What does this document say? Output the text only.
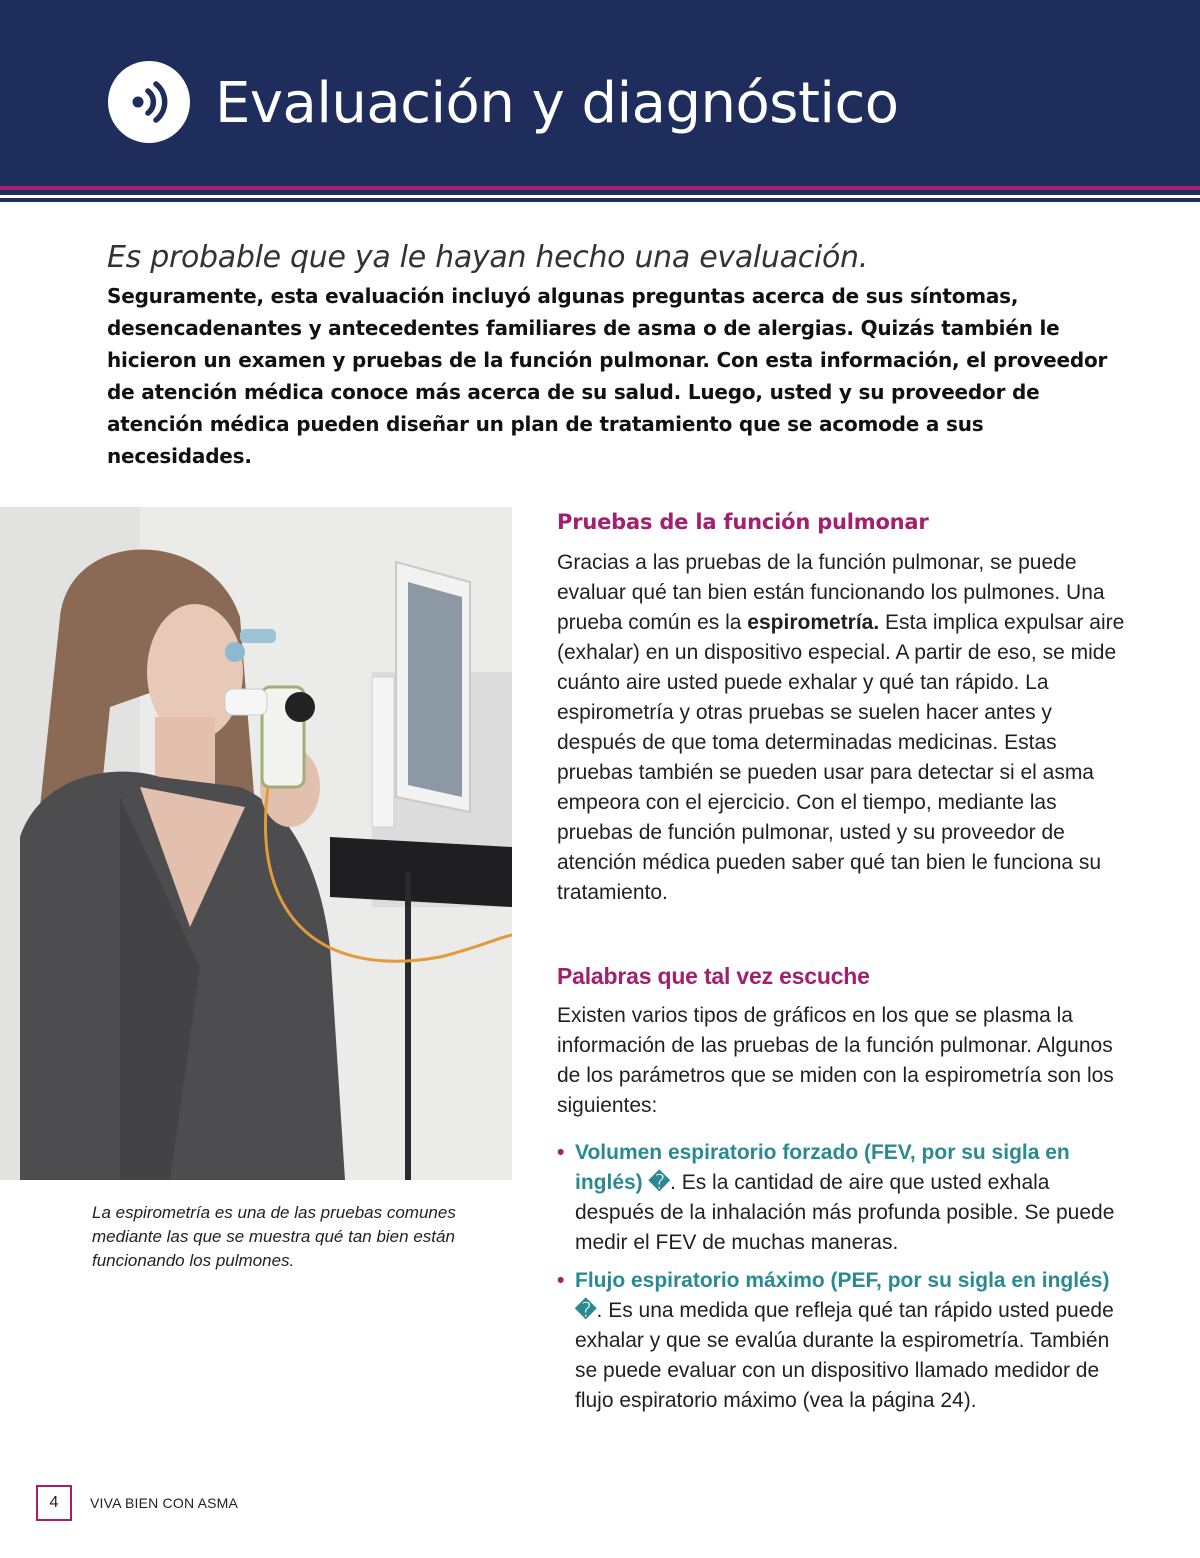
Evaluación y diagnóstico
Es probable que ya le hayan hecho una evaluación.

Seguramente, esta evaluación incluyó algunas preguntas acerca de sus síntomas, desencadenantes y antecedentes familiares de asma o de alergias. Quizás también le hicieron un examen y pruebas de la función pulmonar. Con esta información, el proveedor de atención médica conoce más acerca de su salud. Luego, usted y su proveedor de atención médica pueden diseñar un plan de tratamiento que se acomode a sus necesidades.

La espirometría es una de las pruebas comunes mediante las que se muestra qué tan bien están funcionando los pulmones.

Pruebas de la función pulmonar

Gracias a las pruebas de la función pulmonar, se puede evaluar qué tan bien están funcionando los pulmones. Una prueba común es la espirometría. Esta implica expulsar aire (exhalar) en un dispositivo especial. A partir de eso, se mide cuánto aire usted puede exhalar y qué tan rápido. La espirometría y otras pruebas se suelen hacer antes y después de que toma determinadas medicinas. Estas pruebas también se pueden usar para detectar si el asma empeora con el ejercicio. Con el tiempo, mediante las pruebas de función pulmonar, usted y su proveedor de atención médica pueden saber qué tan bien le funciona su tratamiento.

Palabras que tal vez escuche

Existen varios tipos de gráficos en los que se plasma la información de las pruebas de la función pulmonar. Algunos de los parámetros que se miden con la espirometría son los siguientes:

• Volumen espiratorio forzado (FEV, por su sigla en inglés) �. Es la cantidad de aire que usted exhala después de la inhalación más profunda posible. Se puede medir el FEV de muchas maneras.
• Flujo espiratorio máximo (PEF, por su sigla en inglés) �. Es una medida que refleja qué tan rápido usted puede exhalar y que se evalúa durante la espirometría. También se puede evaluar con un dispositivo llamado medidor de flujo espiratorio máximo (vea la página 24).
4	VIVA BIEN CON ASMA
